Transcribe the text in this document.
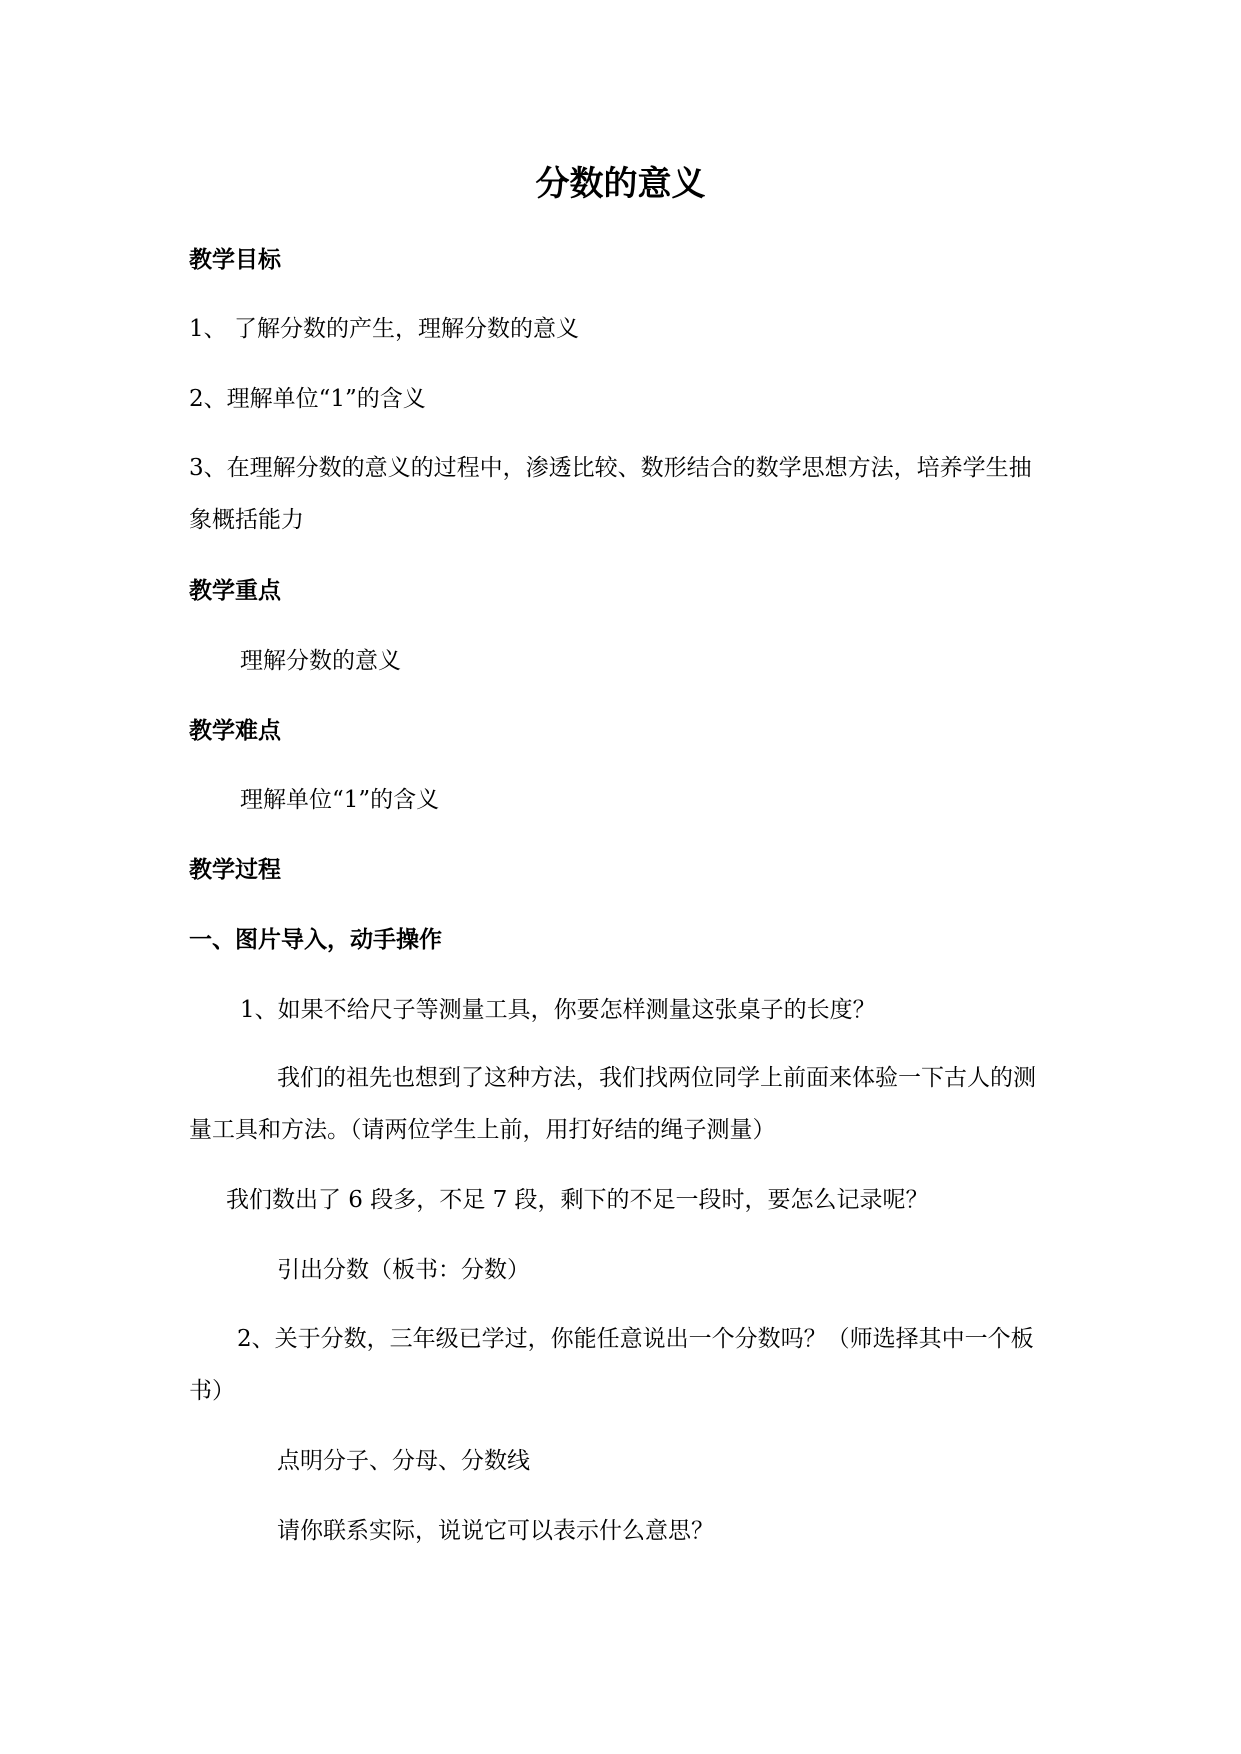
分数的意义

教学目标

1、 了解分数的产生，理解分数的意义

2、理解单位“1”的含义

3、在理解分数的意义的过程中，渗透比较、数形结合的数学思想方法，培养学生抽象概括能力

教学重点

理解分数的意义

教学难点

理解单位“1”的含义

教学过程

一、图片导入，动手操作

1、如果不给尺子等测量工具，你要怎样测量这张桌子的长度？

我们的祖先也想到了这种方法，我们找两位同学上前面来体验一下古人的测量工具和方法。（请两位学生上前，用打好结的绳子测量）

我们数出了 6 段多，不足 7 段，剩下的不足一段时，要怎么记录呢？

引出分数（板书：分数）

2、关于分数，三年级已学过，你能任意说出一个分数吗？（师选择其中一个板书）

点明分子、分母、分数线

请你联系实际，说说它可以表示什么意思？
